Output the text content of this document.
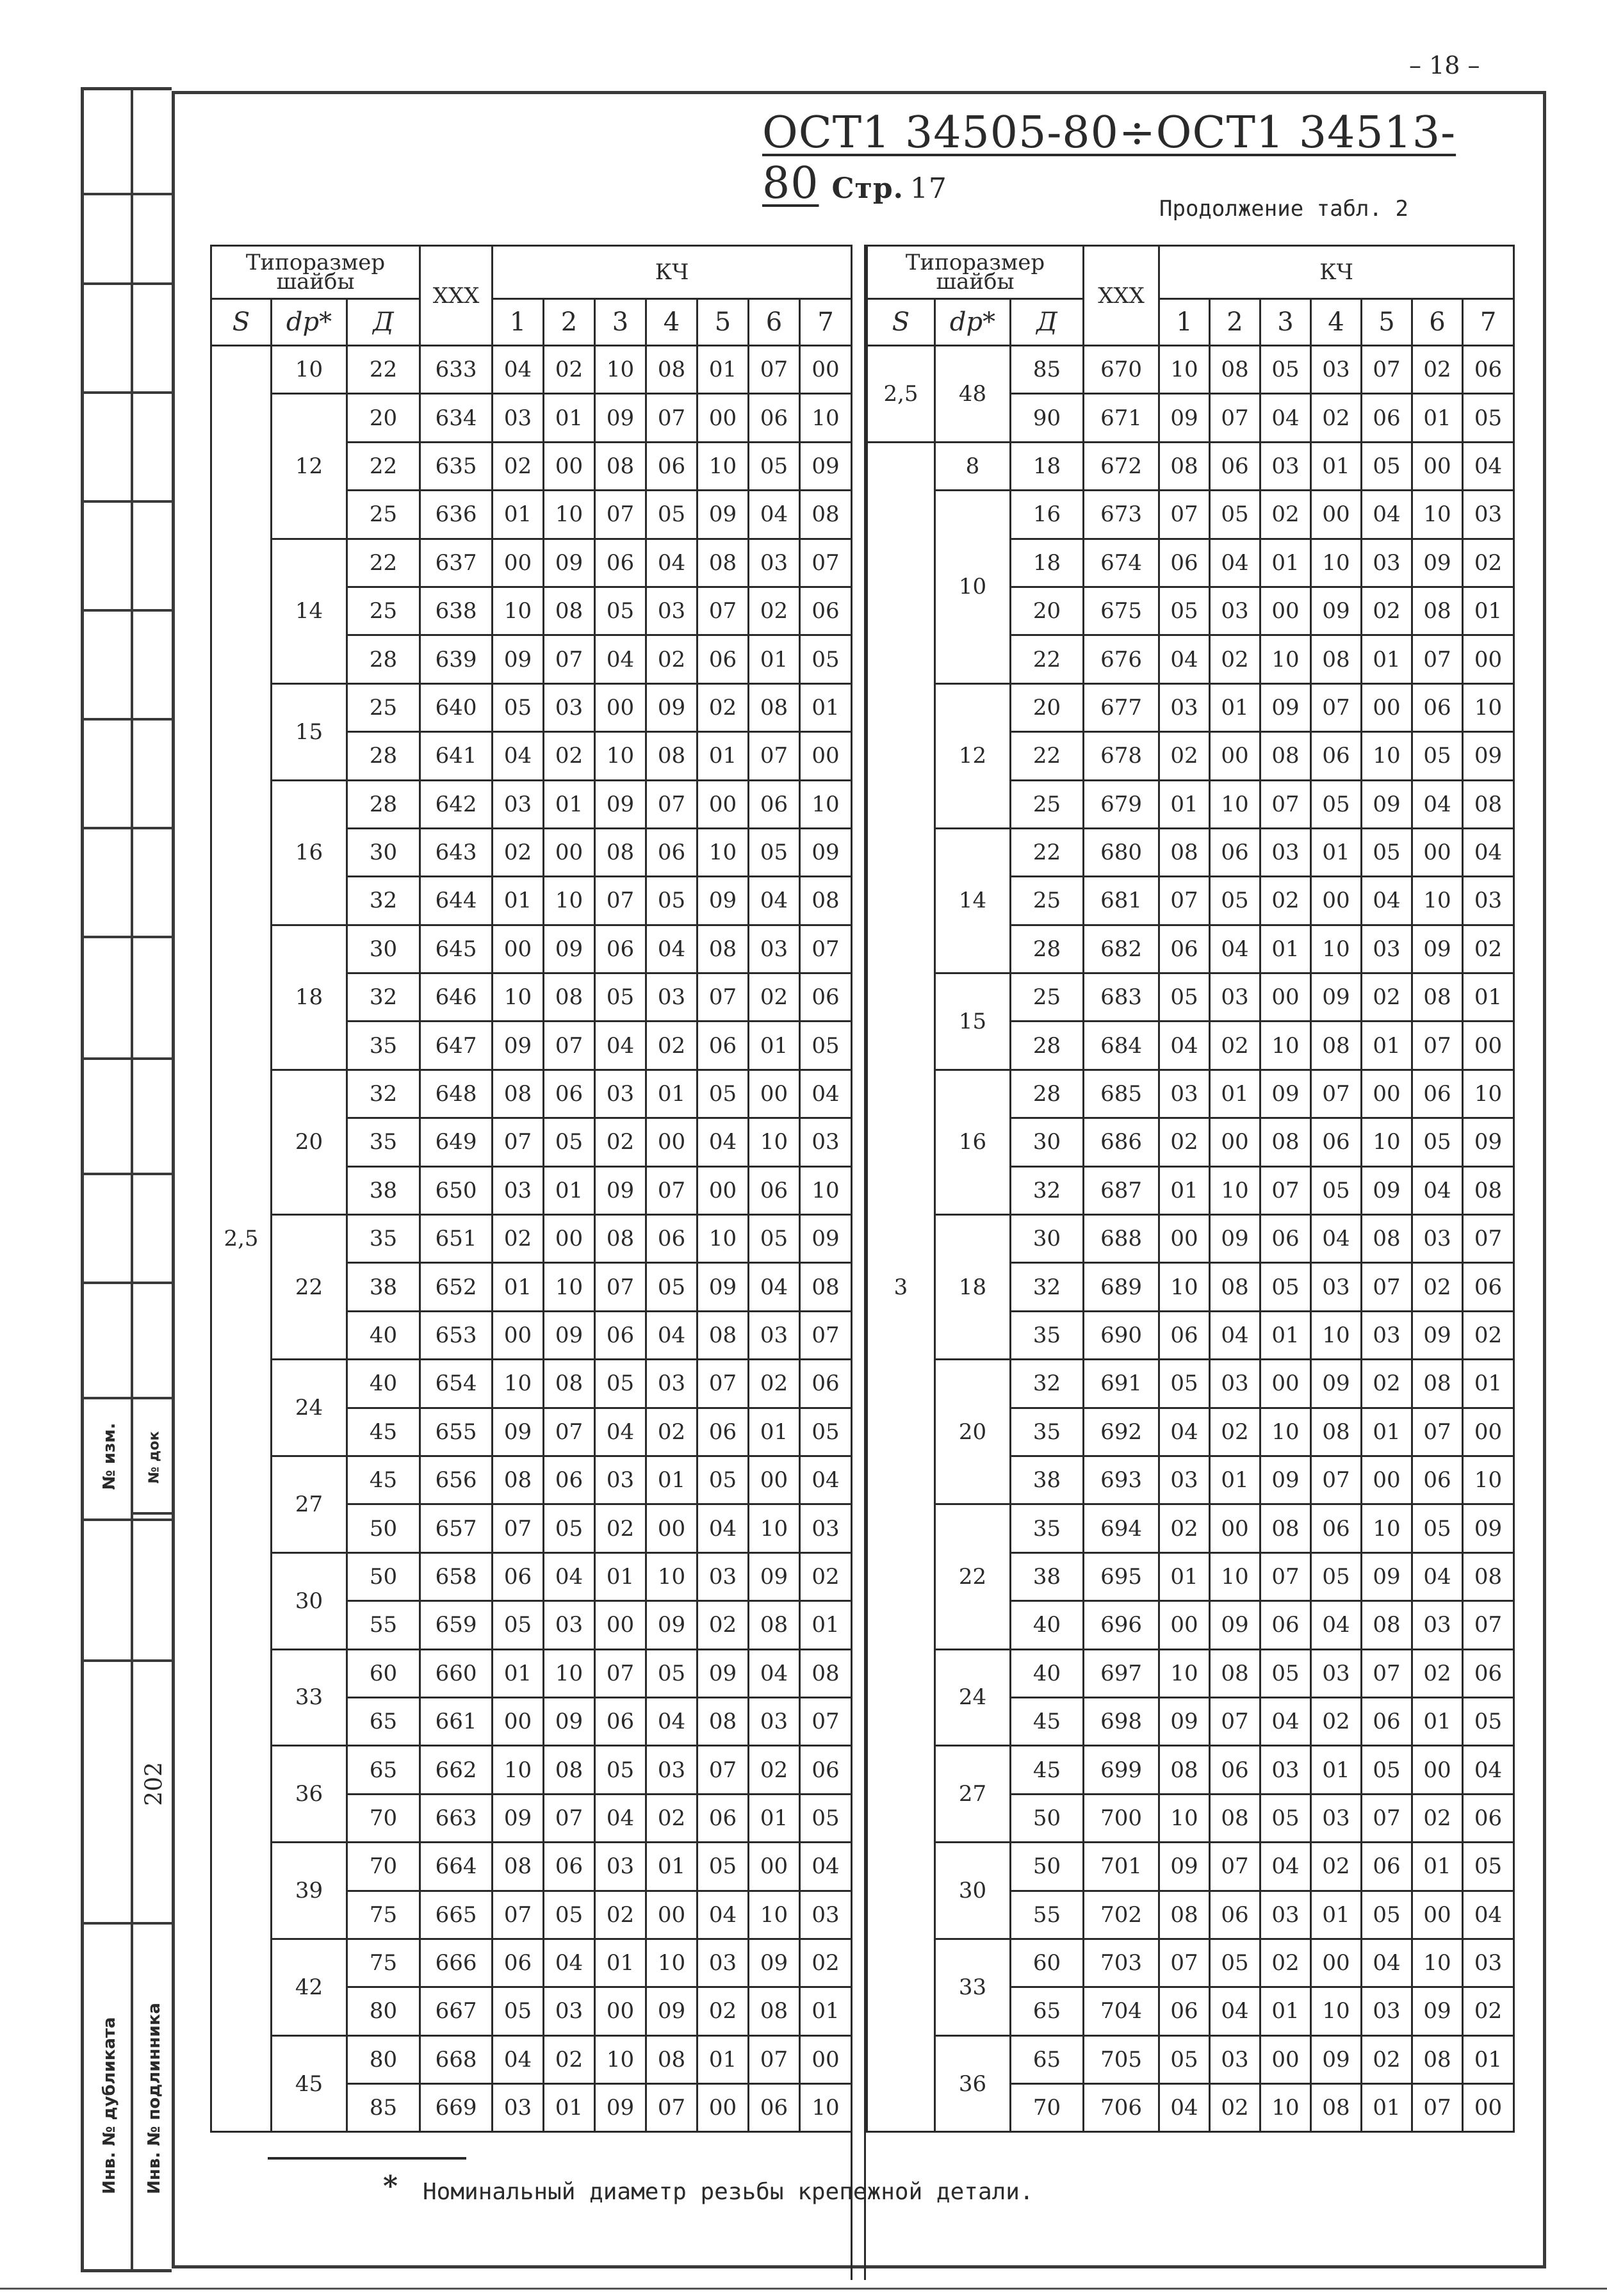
№ изм. № док
202
Инв. № дубликата Инв. № подлинника
– 18 –
ОСТ1 34505-80÷ОСТ1 34513-80 Стр. 17
Продолжение табл. 2
Типоразмер шайбы			XXX	КЧ						
S	dр*	Д		1	2	3	4	5	6	7
2,5	10	22	633	04	02	10	08	01	07	00
	12	20	634	03	01	09	07	00	06	10
		22	635	02	00	08	06	10	05	09
		25	636	01	10	07	05	09	04	08
	14	22	637	00	09	06	04	08	03	07
		25	638	10	08	05	03	07	02	06
		28	639	09	07	04	02	06	01	05
	15	25	640	05	03	00	09	02	08	01
		28	641	04	02	10	08	01	07	00
	16	28	642	03	01	09	07	00	06	10
		30	643	02	00	08	06	10	05	09
		32	644	01	10	07	05	09	04	08
	18	30	645	00	09	06	04	08	03	07
		32	646	10	08	05	03	07	02	06
		35	647	09	07	04	02	06	01	05
	20	32	648	08	06	03	01	05	00	04
		35	649	07	05	02	00	04	10	03
		38	650	03	01	09	07	00	06	10
	22	35	651	02	00	08	06	10	05	09
		38	652	01	10	07	05	09	04	08
		40	653	00	09	06	04	08	03	07
	24	40	654	10	08	05	03	07	02	06
		45	655	09	07	04	02	06	01	05
	27	45	656	08	06	03	01	05	00	04
		50	657	07	05	02	00	04	10	03
	30	50	658	06	04	01	10	03	09	02
		55	659	05	03	00	09	02	08	01
	33	60	660	01	10	07	05	09	04	08
		65	661	00	09	06	04	08	03	07
	36	65	662	10	08	05	03	07	02	06
		70	663	09	07	04	02	06	01	05
	39	70	664	08	06	03	01	05	00	04
		75	665	07	05	02	00	04	10	03
	42	75	666	06	04	01	10	03	09	02
		80	667	05	03	00	09	02	08	01
	45	80	668	04	02	10	08	01	07	00
		85	669	03	01	09	07	00	06	10
Типоразмер шайбы			XXX	КЧ						
S	dр*	Д		1	2	3	4	5	6	7
2,5	48	85	670	10	08	05	03	07	02	06
		90	671	09	07	04	02	06	01	05
3	8	18	672	08	06	03	01	05	00	04
	10	16	673	07	05	02	00	04	10	03
		18	674	06	04	01	10	03	09	02
		20	675	05	03	00	09	02	08	01
		22	676	04	02	10	08	01	07	00
	12	20	677	03	01	09	07	00	06	10
		22	678	02	00	08	06	10	05	09
		25	679	01	10	07	05	09	04	08
	14	22	680	08	06	03	01	05	00	04
		25	681	07	05	02	00	04	10	03
		28	682	06	04	01	10	03	09	02
	15	25	683	05	03	00	09	02	08	01
		28	684	04	02	10	08	01	07	00
	16	28	685	03	01	09	07	00	06	10
		30	686	02	00	08	06	10	05	09
		32	687	01	10	07	05	09	04	08
	18	30	688	00	09	06	04	08	03	07
		32	689	10	08	05	03	07	02	06
		35	690	06	04	01	10	03	09	02
	20	32	691	05	03	00	09	02	08	01
		35	692	04	02	10	08	01	07	00
		38	693	03	01	09	07	00	06	10
	22	35	694	02	00	08	06	10	05	09
		38	695	01	10	07	05	09	04	08
		40	696	00	09	06	04	08	03	07
	24	40	697	10	08	05	03	07	02	06
		45	698	09	07	04	02	06	01	05
	27	45	699	08	06	03	01	05	00	04
		50	700	10	08	05	03	07	02	06
	30	50	701	09	07	04	02	06	01	05
		55	702	08	06	03	01	05	00	04
	33	60	703	07	05	02	00	04	10	03
		65	704	06	04	01	10	03	09	02
	36	65	705	05	03	00	09	02	08	01
		70	706	04	02	10	08	01	07	00
* Номинальный диаметр резьбы крепежной детали.
